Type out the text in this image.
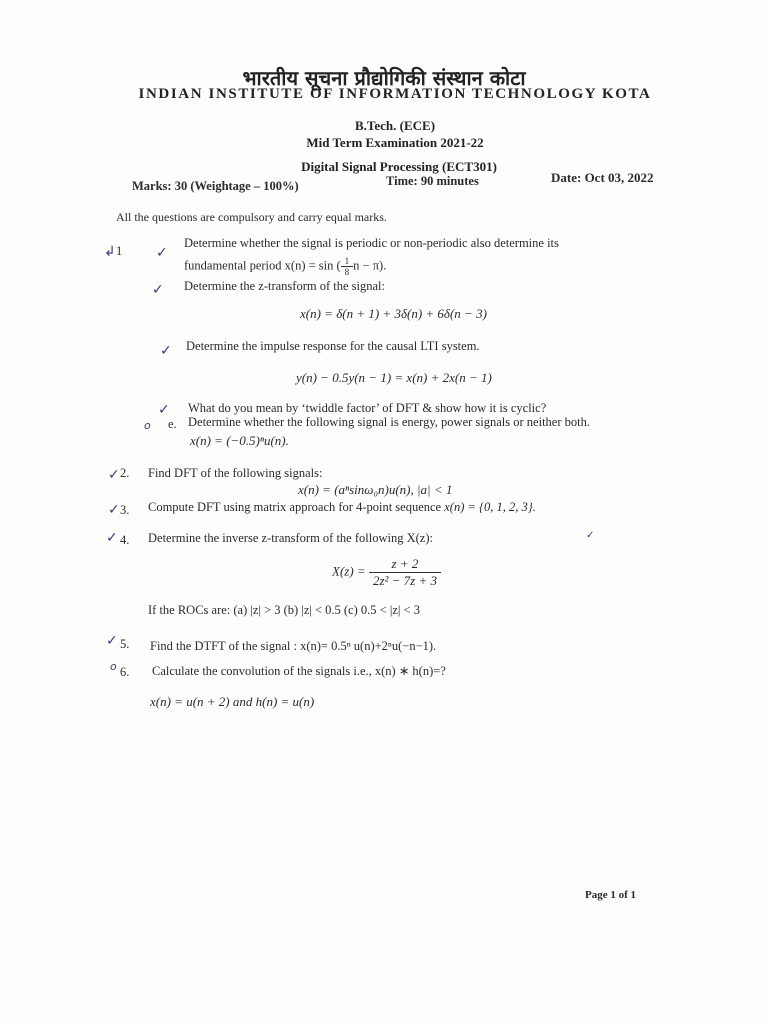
भारतीय सूचना प्रौद्योगिकी संस्थान कोटा
INDIAN INSTITUTE OF INFORMATION TECHNOLOGY KOTA
B.Tech. (ECE)
Mid Term Examination 2021-22
Digital Signal Processing (ECT301)
Marks: 30 (Weightage – 100%)	Time: 90 minutes	Date: Oct 03, 2022
All the questions are compulsory and carry equal marks.
↲ 1 ✓
Determine whether the signal is periodic or non-periodic also determine its
fundamental period x(n) = sin ( $\frac{1}{8}$ n − π).
✓ Determine the z-transform of the signal:
x(n) = δ(n + 1) + 3δ(n) + 6δ(n − 3)
✓ Determine the impulse response for the causal LTI system.
y(n) − 0.5y(n − 1) = x(n) + 2x(n − 1)
✓ What do you mean by ‘twiddle factor’ of DFT & show how it is cyclic?
o e. Determine whether the following signal is energy, power signals or neither both.
x(n) = (−0.5)ⁿu(n).
✓ 2. Find DFT of the following signals:
x(n) = (aⁿsinω₀n)u(n), |a| < 1
✓ 3. Compute DFT using matrix approach for 4-point sequence x(n) = {0, 1, 2, 3}.
✓ 4. Determine the inverse z-transform of the following X(z):	✓
$X(z) = \frac{z + 2}{\text{2z² − 7z + 3}}$
If the ROCs are: (a) |z| > 3 (b) |z| < 0.5 (c) 0.5 < |z| < 3
✓ 5. Find the DTFT of the signal : x(n)= 0.5ⁿ u(n)+2ⁿu(−n−1).
o 6. Calculate the convolution of the signals i.e., x(n) ∗ h(n)=?
x(n) = u(n + 2) and h(n) = u(n)
Page 1 of 1
